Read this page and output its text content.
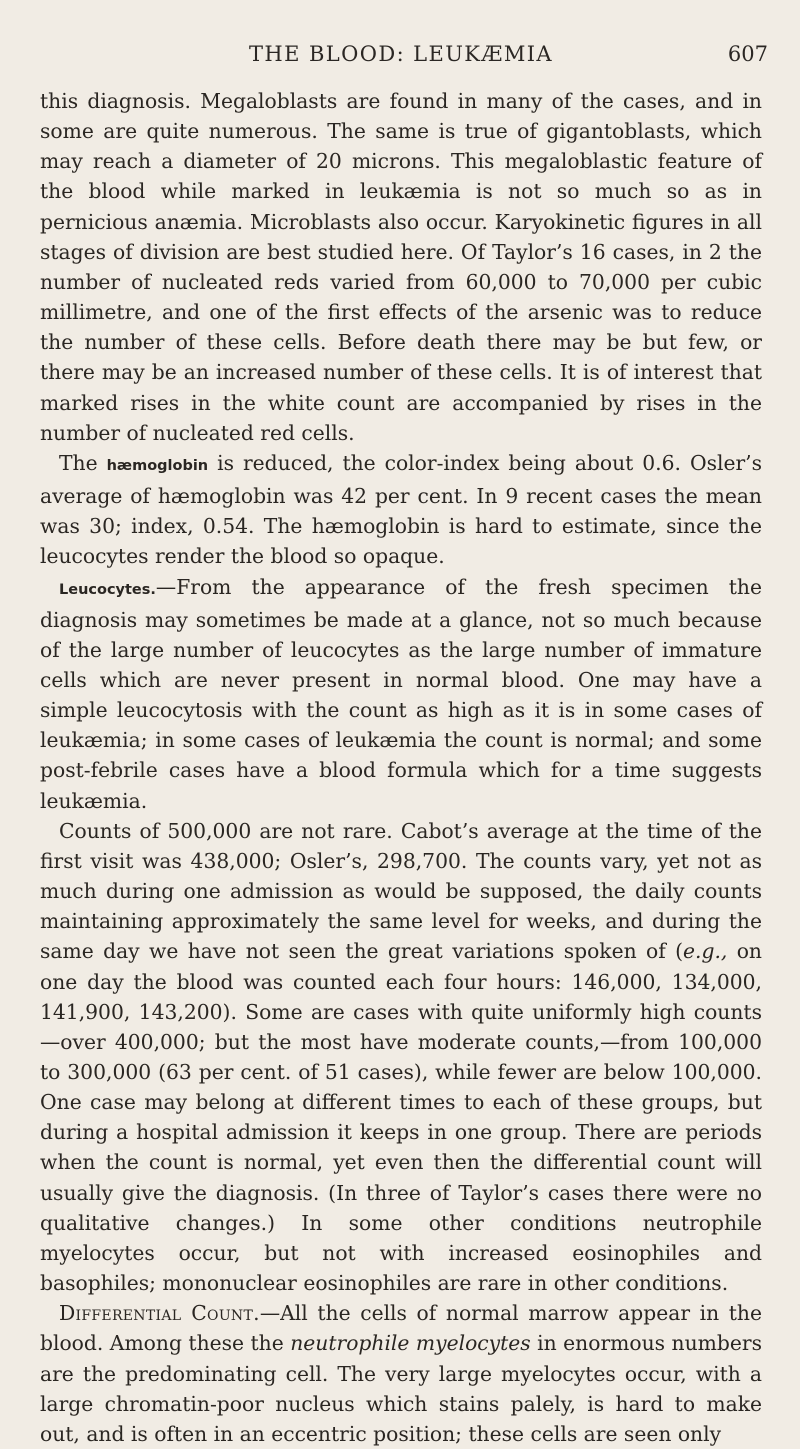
THE BLOOD: LEUKÆMIA	607

this diagnosis. Megaloblasts are found in many of the cases, and in some are quite numerous. The same is true of gigantoblasts, which may reach a diameter of 20 microns. This megaloblastic feature of the blood while marked in leukæmia is not so much so as in pernicious anæmia. Microblasts also occur. Karyokinetic figures in all stages of division are best studied here. Of Taylor’s 16 cases, in 2 the number of nucleated reds varied from 60,000 to 70,000 per cubic millimetre, and one of the first effects of the arsenic was to reduce the number of these cells. Before death there may be but few, or there may be an increased number of these cells. It is of interest that marked rises in the white count are accompanied by rises in the number of nucleated red cells.

The hæmoglobin is reduced, the color-index being about 0.6. Osler’s average of hæmoglobin was 42 per cent. In 9 recent cases the mean was 30; index, 0.54. The hæmoglobin is hard to estimate, since the leucocytes render the blood so opaque.

Leucocytes.—From the appearance of the fresh specimen the diagnosis may sometimes be made at a glance, not so much because of the large number of leucocytes as the large number of immature cells which are never present in normal blood. One may have a simple leucocytosis with the count as high as it is in some cases of leukæmia; in some cases of leukæmia the count is normal; and some post-febrile cases have a blood formula which for a time suggests leukæmia.

Counts of 500,000 are not rare. Cabot’s average at the time of the first visit was 438,000; Osler’s, 298,700. The counts vary, yet not as much during one admission as would be supposed, the daily counts maintaining approximately the same level for weeks, and during the same day we have not seen the great variations spoken of (e.g., on one day the blood was counted each four hours: 146,000, 134,000, 141,900, 143,200). Some are cases with quite uniformly high counts—over 400,000; but the most have moderate counts,—from 100,000 to 300,000 (63 per cent. of 51 cases), while fewer are below 100,000. One case may belong at different times to each of these groups, but during a hospital admission it keeps in one group. There are periods when the count is normal, yet even then the differential count will usually give the diagnosis. (In three of Taylor’s cases there were no qualitative changes.) In some other conditions neutrophile myelocytes occur, but not with increased eosinophiles and basophiles; mononuclear eosinophiles are rare in other conditions.

Differential Count.—All the cells of normal marrow appear in the blood. Among these the neutrophile myelocytes in enormous numbers are the predominating cell. The very large myelocytes occur, with a large chromatin-poor nucleus which stains palely, is hard to make out, and is often in an eccentric position; these cells are seen only
